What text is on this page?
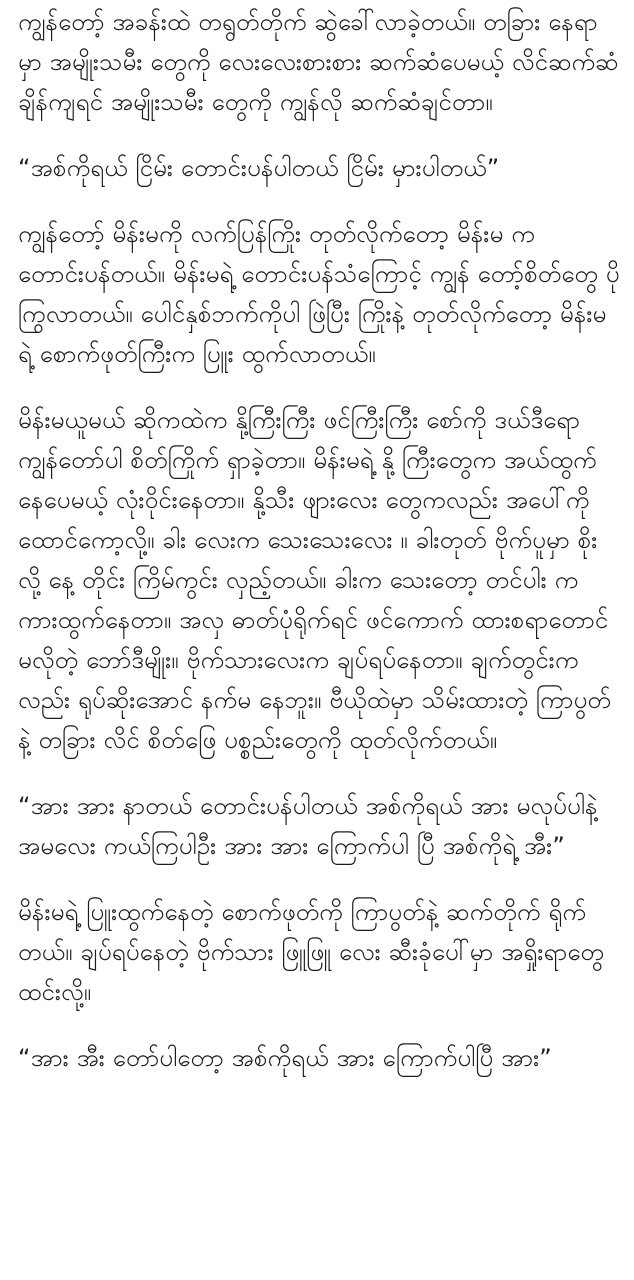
ကျွန်တော့် အခန်းထဲ တရွတ်တိုက် ဆွဲခေါ်လာခဲ့တယ်။ တခြား နေရာမှာ အမျိုးသမီး တွေကို လေးလေးစားစား ဆက်ဆံပေမယ့် လိင်ဆက်ဆံ ချိန်ကျရင် အမျိုးသမီး တွေကို ကျွန်လို ဆက်ဆံချင်တာ။

“အစ်ကိုရယ် ငြိမ်း တောင်းပန်ပါတယ် ငြိမ်း မှားပါတယ်”

ကျွန်တော့် မိန်းမကို လက်ပြန်ကြိုး တုတ်လိုက်တော့ မိန်းမ က တောင်းပန်တယ်။ မိန်းမရဲ့ တောင်းပန်သံကြောင့် ကျွန် တော့်စိတ်တွေ ပိုကြွလာတယ်။ ပေါင်နှစ်ဘက်ကိုပါ ဖြဲပြီး ကြိုးနဲ့ တုတ်လိုက်တော့ မိန်းမရဲ့ စောက်ဖုတ်ကြီးက ပြူး ထွက်လာတယ်။

မိန်းမယူမယ် ဆိုကထဲက နို့ကြီးကြီး ဖင်ကြီးကြီး စော်ကို ဒယ်ဒီရော ကျွန်တော်ပါ စိတ်ကြိုက် ရှာခဲ့တာ။ မိန်းမရဲ့ နို့ ကြီးတွေက အယ်ထွက် နေပေမယ့် လုံးဝိုင်းနေတာ။ နို့သီး ဖျားလေး တွေကလည်း အပေါ်ကို ထောင်ကော့လို့။ ခါး လေးက သေးသေးလေး ။ ခါးတုတ် ဗိုက်ပူမှာ စိုးလို့ နေ့ တိုင်း ကြိမ်ကွင်း လှည့်တယ်။ ခါးက သေးတော့ တင်ပါး က ကားထွက်နေတာ။ အလှ ဓာတ်ပုံရိုက်ရင် ဖင်ကောက် ထားစရာတောင် မလိုတဲ့ ဘော်ဒီမျိုး။ ဗိုက်သားလေးက ချပ်ရပ်နေတာ။ ချက်တွင်းကလည်း ရုပ်ဆိုးအောင် နက်မ နေဘူး။ ဗီယိုထဲမှာ သိမ်းထားတဲ့ ကြာပွတ်နဲ့ တခြား လိင် စိတ်ဖြေ ပစ္စည်းတွေကို ထုတ်လိုက်တယ်။

“အား အား နာတယ် တောင်းပန်ပါတယ် အစ်ကိုရယ် အား မလုပ်ပါနဲ့ အမလေး ကယ်ကြပါဦး အား အား ကြောက်ပါ ပြီ အစ်ကိုရဲ့ အီး”

မိန်းမရဲ့ ပြူးထွက်နေတဲ့ စောက်ဖုတ်ကို ကြာပွတ်နဲ့ ဆက်တိုက် ရိုက်တယ်။ ချပ်ရပ်နေတဲ့ ဗိုက်သား ဖြူဖြူ လေး ဆီးခုံပေါ်မှာ အရှိုးရာတွေ ထင်းလို့။

“အား အီး တော်ပါတော့ အစ်ကိုရယ် အား ကြောက်ပါပြီ အား”
